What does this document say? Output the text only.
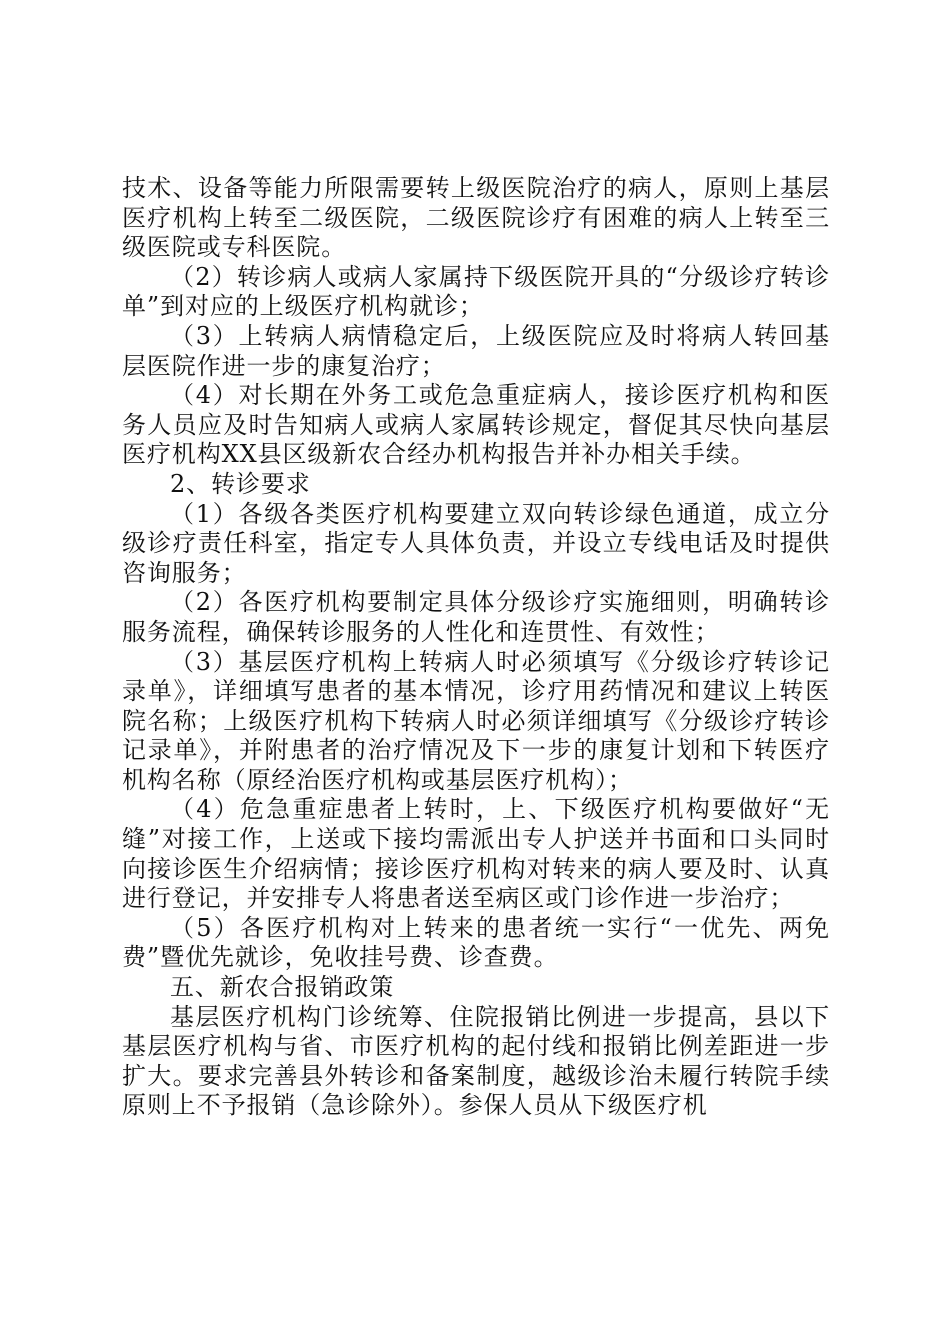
技术、设备等能力所限需要转上级医院治疗的病人，原则上基层医疗机构上转至二级医院，二级医院诊疗有困难的病人上转至三级医院或专科医院。

（2）转诊病人或病人家属持下级医院开具的“分级诊疗转诊单”到对应的上级医疗机构就诊；

（3）上转病人病情稳定后，上级医院应及时将病人转回基层医院作进一步的康复治疗；

（4）对长期在外务工或危急重症病人，接诊医疗机构和医务人员应及时告知病人或病人家属转诊规定，督促其尽快向基层医疗机构XX县区级新农合经办机构报告并补办相关手续。

2、转诊要求

（1）各级各类医疗机构要建立双向转诊绿色通道，成立分级诊疗责任科室，指定专人具体负责，并设立专线电话及时提供咨询服务；

（2）各医疗机构要制定具体分级诊疗实施细则，明确转诊服务流程，确保转诊服务的人性化和连贯性、有效性；

（3）基层医疗机构上转病人时必须填写《分级诊疗转诊记录单》，详细填写患者的基本情况，诊疗用药情况和建议上转医院名称；上级医疗机构下转病人时必须详细填写《分级诊疗转诊记录单》，并附患者的治疗情况及下一步的康复计划和下转医疗机构名称（原经治医疗机构或基层医疗机构）；

（4）危急重症患者上转时，上、下级医疗机构要做好“无缝”对接工作，上送或下接均需派出专人护送并书面和口头同时向接诊医生介绍病情；接诊医疗机构对转来的病人要及时、认真进行登记，并安排专人将患者送至病区或门诊作进一步治疗；

（5）各医疗机构对上转来的患者统一实行“一优先、两免费”暨优先就诊，免收挂号费、诊查费。

五、新农合报销政策

基层医疗机构门诊统筹、住院报销比例进一步提高，县以下基层医疗机构与省、市医疗机构的起付线和报销比例差距进一步扩大。要求完善县外转诊和备案制度，越级诊治未履行转院手续原则上不予报销（急诊除外）。参保人员从下级医疗机
